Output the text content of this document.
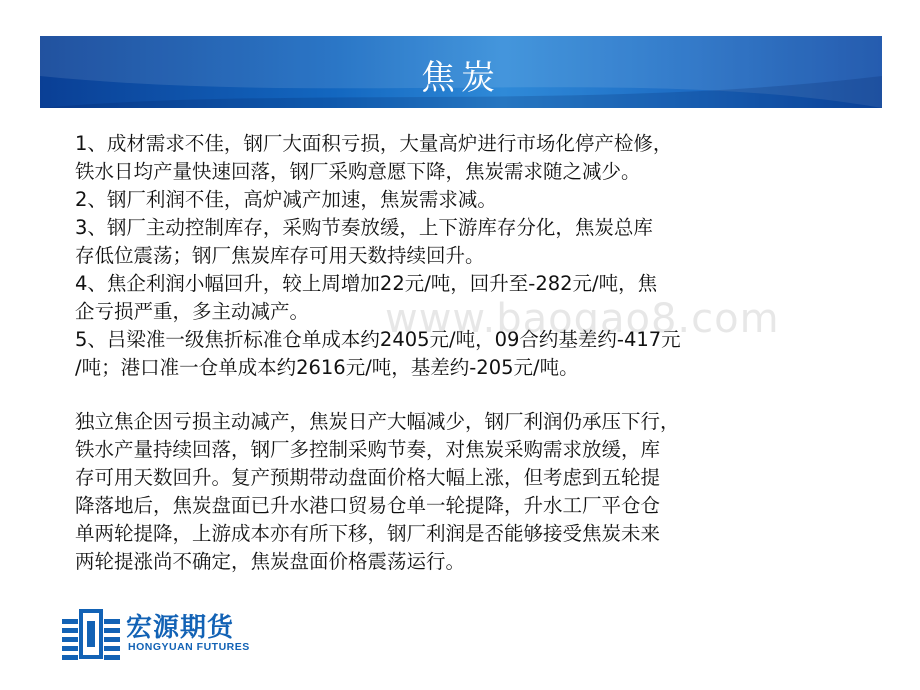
焦炭

1、成材需求不佳，钢厂大面积亏损，大量高炉进行市场化停产检修，

铁水日均产量快速回落，钢厂采购意愿下降，焦炭需求随之减少。

2、钢厂利润不佳，高炉减产加速，焦炭需求减。

3、钢厂主动控制库存，采购节奏放缓，上下游库存分化，焦炭总库

存低位震荡；钢厂焦炭库存可用天数持续回升。

4、焦企利润小幅回升，较上周增加22元/吨，回升至-282元/吨，焦

企亏损严重，多主动减产。

5、吕梁准一级焦折标准仓单成本约2405元/吨，09合约基差约-417元

/吨；港口准一仓单成本约2616元/吨，基差约-205元/吨。

独立焦企因亏损主动减产，焦炭日产大幅减少，钢厂利润仍承压下行，

铁水产量持续回落，钢厂多控制采购节奏，对焦炭采购需求放缓，库

存可用天数回升。复产预期带动盘面价格大幅上涨，但考虑到五轮提

降落地后，焦炭盘面已升水港口贸易仓单一轮提降，升水工厂平仓仓

单两轮提降，上游成本亦有所下移，钢厂利润是否能够接受焦炭未来

两轮提涨尚不确定，焦炭盘面价格震荡运行。

www.baogao8.com
宏源期货
HONGYUAN FUTURES
